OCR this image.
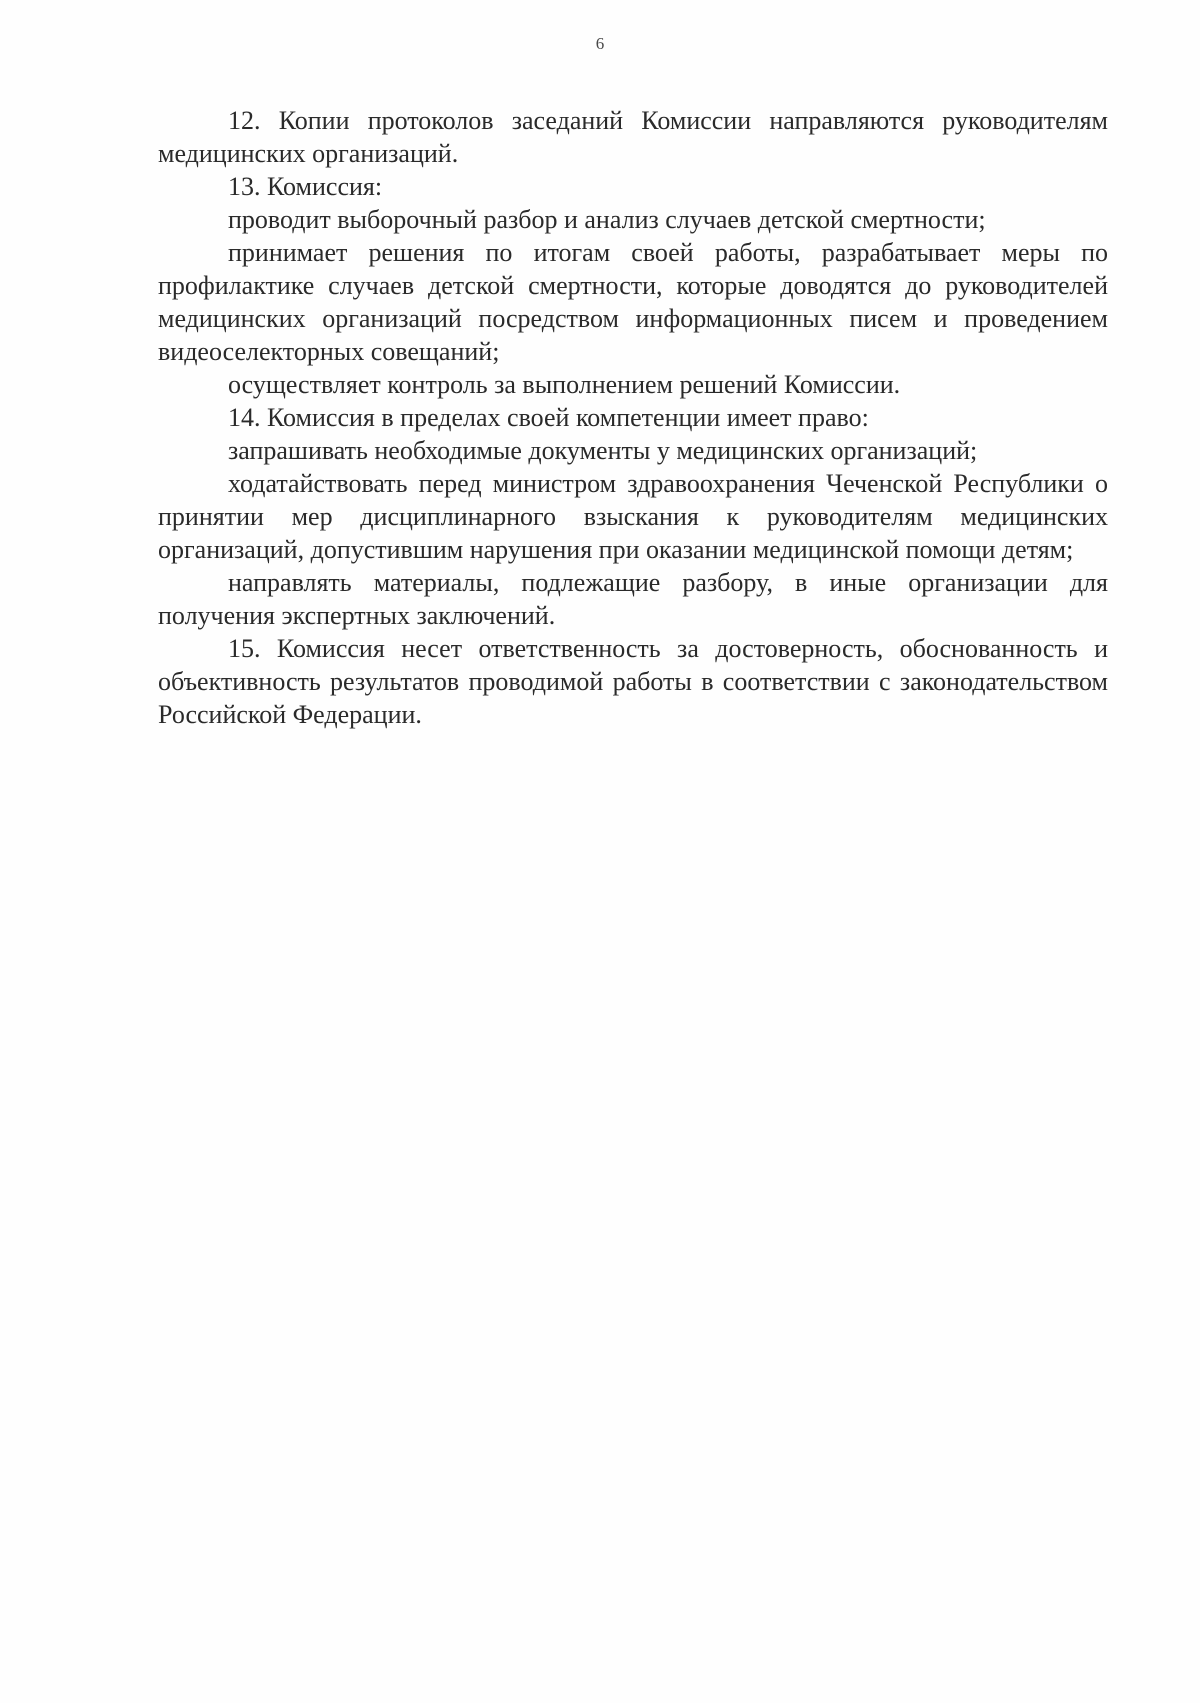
6

12. Копии протоколов заседаний Комиссии направляются руководителям медицинских организаций.

13. Комиссия:

проводит выборочный разбор и анализ случаев детской смертности;

принимает решения по итогам своей работы, разрабатывает меры по профилактике случаев детской смертности, которые доводятся до руководителей медицинских организаций посредством информационных писем и проведением видеоселекторных совещаний;

осуществляет контроль за выполнением решений Комиссии.

14. Комиссия в пределах своей компетенции имеет право:

запрашивать необходимые документы у медицинских организаций;

ходатайствовать перед министром здравоохранения Чеченской Республики о принятии мер дисциплинарного взыскания к руководителям медицинских организаций, допустившим нарушения при оказании медицинской помощи детям;

направлять материалы, подлежащие разбору, в иные организации для получения экспертных заключений.

15. Комиссия несет ответственность за достоверность, обоснованность и объективность результатов проводимой работы в соответствии с законодательством Российской Федерации.
